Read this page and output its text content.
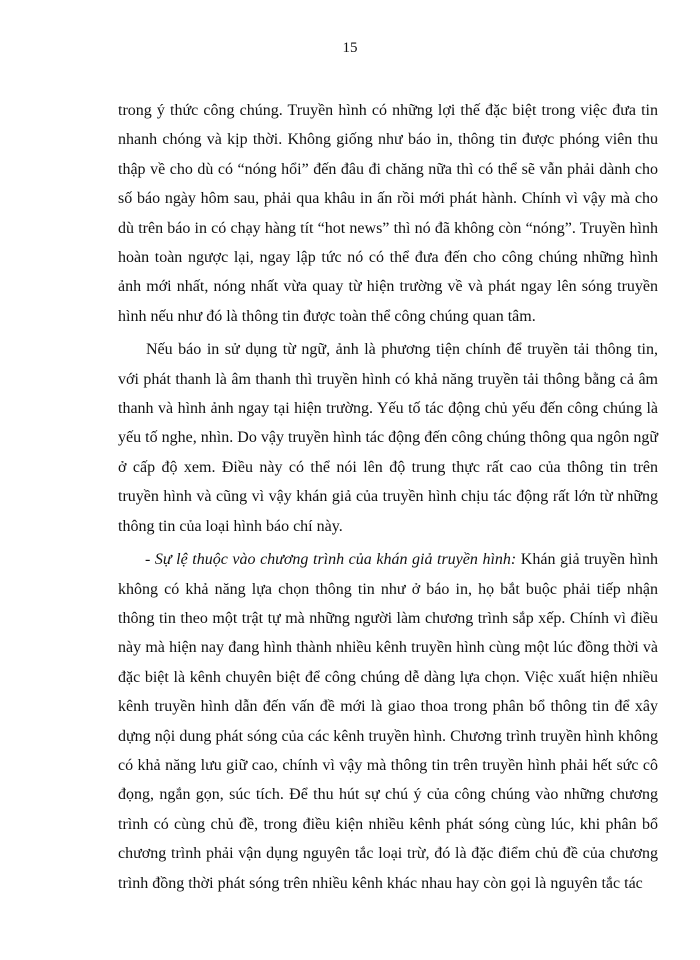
15

trong ý thức công chúng. Truyền hình có những lợi thế đặc biệt trong việc đưa tin nhanh chóng và kịp thời. Không giống như báo in, thông tin được phóng viên thu thập về cho dù có “nóng hổi” đến đâu đi chăng nữa thì có thể sẽ vẫn phải dành cho số báo ngày hôm sau, phải qua khâu in ấn rồi mới phát hành. Chính vì vậy mà cho dù trên báo in có chạy hàng tít “hot news” thì nó đã không còn “nóng”. Truyền hình hoàn toàn ngược lại, ngay lập tức nó có thể đưa đến cho công chúng những hình ảnh mới nhất, nóng nhất vừa quay từ hiện trường về và phát ngay lên sóng truyền hình nếu như đó là thông tin được toàn thể công chúng quan tâm.

Nếu báo in sử dụng từ ngữ, ảnh là phương tiện chính để truyền tải thông tin, với phát thanh là âm thanh thì truyền hình có khả năng truyền tải thông bằng cả âm thanh và hình ảnh ngay tại hiện trường. Yếu tố tác động chủ yếu đến công chúng là yếu tố nghe, nhìn. Do vậy truyền hình tác động đến công chúng thông qua ngôn ngữ ở cấp độ xem. Điều này có thể nói lên độ trung thực rất cao của thông tin trên truyền hình và cũng vì vậy khán giả của truyền hình chịu tác động rất lớn từ những thông tin của loại hình báo chí này.

- Sự lệ thuộc vào chương trình của khán giả truyền hình: Khán giả truyền hình không có khả năng lựa chọn thông tin như ở báo in, họ bắt buộc phải tiếp nhận thông tin theo một trật tự mà những người làm chương trình sắp xếp. Chính vì điều này mà hiện nay đang hình thành nhiều kênh truyền hình cùng một lúc đồng thời và đặc biệt là kênh chuyên biệt để công chúng dễ dàng lựa chọn. Việc xuất hiện nhiều kênh truyền hình dẫn đến vấn đề mới là giao thoa trong phân bổ thông tin để xây dựng nội dung phát sóng của các kênh truyền hình. Chương trình truyền hình không có khả năng lưu giữ cao, chính vì vậy mà thông tin trên truyền hình phải hết sức cô đọng, ngắn gọn, súc tích. Để thu hút sự chú ý của công chúng vào những chương trình có cùng chủ đề, trong điều kiện nhiều kênh phát sóng cùng lúc, khi phân bổ chương trình phải vận dụng nguyên tắc loại trừ, đó là đặc điểm chủ đề của chương trình đồng thời phát sóng trên nhiều kênh khác nhau hay còn gọi là nguyên tắc tác
